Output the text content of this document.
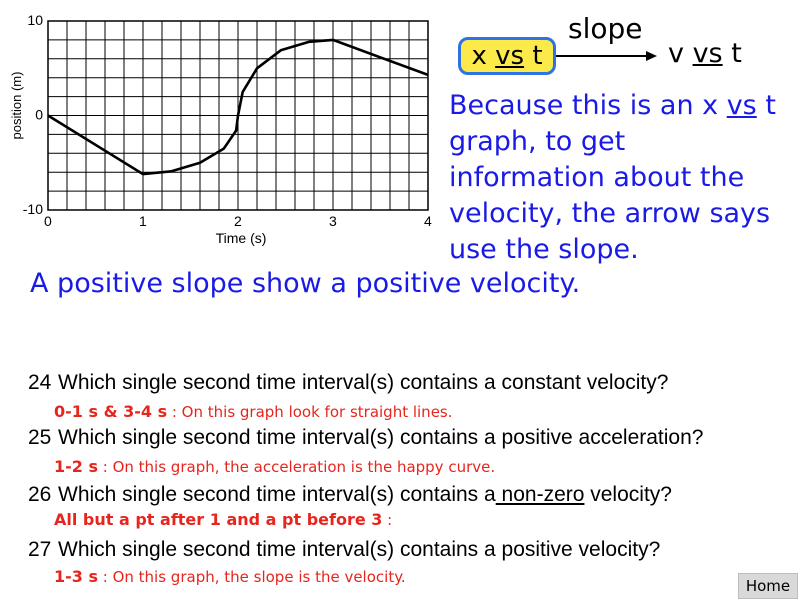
0	1	2	3	4
10
0
-10
Time (s)
position (m)
x vs t
slope
v vs t
Because this is an x vs t graph, to get information about the velocity, the arrow says use the slope.
A positive slope show a positive velocity.
24 Which single second time interval(s) contains a constant velocity?
0-1 s & 3-4 s : On this graph look for straight lines.
25 Which single second time interval(s) contains a positive acceleration?
1-2 s : On this graph, the acceleration is the happy curve.
26 Which single second time interval(s) contains a non-zero velocity?
All but a pt after 1 and a pt before 3 :
27 Which single second time interval(s) contains a positive velocity?
1-3 s : On this graph, the slope is the velocity.	Home
